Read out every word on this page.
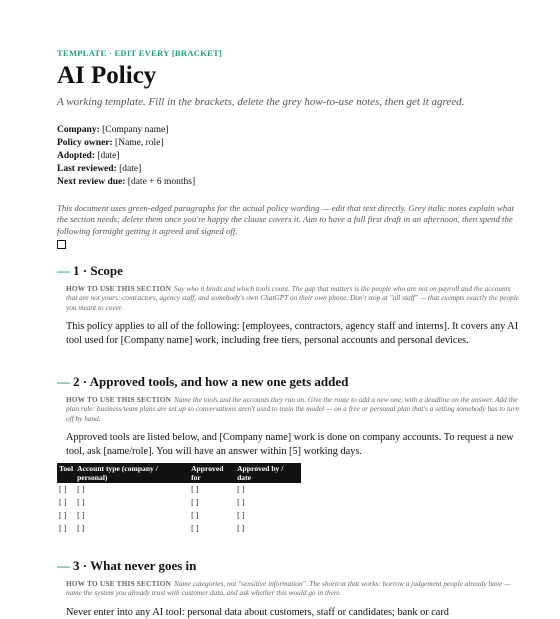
TEMPLATE · EDIT EVERY [BRACKET]

AI Policy

A working template. Fill in the brackets, delete the grey how-to-use notes, then get it agreed.

Company: [Company name]
Policy owner: [Name, role]
Adopted: [date]
Last reviewed: [date]
Next review due: [date + 6 months]

This document uses green-edged paragraphs for the actual policy wording — edit that text directly. Grey italic notes explain what the section needs; delete them once you're happy the clause covers it. Aim to have a full first draft in an afternoon, then spend the following fortnight getting it agreed and signed off.

— 1 · Scope
HOW TO USE THIS SECTION Say who it binds and which tools count. The gap that matters is the people who are not on payroll and the accounts that are not yours: contractors, agency staff, and somebody's own ChatGPT on their own phone. Don't stop at "all staff" — that exempts exactly the people you meant to cover.

This policy applies to all of the following: [employees, contractors, agency staff and interns]. It covers any AI tool used for [Company name] work, including free tiers, personal accounts and personal devices.

— 2 · Approved tools, and how a new one gets added
HOW TO USE THIS SECTION Name the tools and the accounts they run on. Give the route to add a new one, with a deadline on the answer. Add the plan rule: business/team plans are set up so conversations aren't used to train the model — on a free or personal plan that's a setting somebody has to turn off by hand.

Approved tools are listed below, and [Company name] work is done on company accounts. To request a new tool, ask [name/role]. You will have an answer within [5] working days.

Tool	Account type (company / personal)	Approved for	Approved by / date
[ ]	[ ]	[ ]	[ ]
[ ]	[ ]	[ ]	[ ]
[ ]	[ ]	[ ]	[ ]
[ ]	[ ]	[ ]	[ ]
— 3 · What never goes in
HOW TO USE THIS SECTION Name categories, not "sensitive information". The shortcut that works: borrow a judgement people already have — name the system you already trust with customer data, and ask whether this would go in there.

Never enter into any AI tool: personal data about customers, staff or candidates; bank or card
